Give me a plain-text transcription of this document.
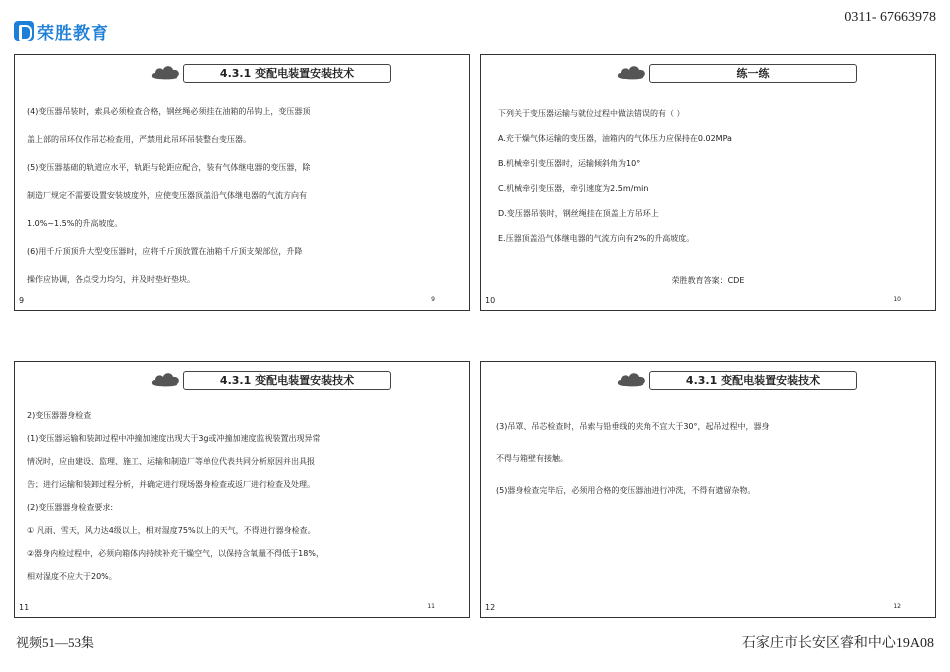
荣胜教育
0311- 67663978
4.3.1 变配电装置安装技术
(4)变压器吊装时，索具必须检查合格，钢丝绳必须挂在油箱的吊钩上，变压器顶
盖上部的吊环仅作吊芯检查用，严禁用此吊环吊装整台变压器。
(5)变压器基础的轨道应水平，轨距与轮距应配合，装有气体继电器的变压器，除
制造厂规定不需要设置安装坡度外，应使变压器顶盖沿气体继电器的气流方向有
1.0%~1.5%的升高坡度。
(6)用千斤顶顶升大型变压器时，应将千斤顶放置在油箱千斤顶支架部位，升降
操作应协调，各点受力均匀，并及时垫好垫块。
9	9
练一练
下列关于变压器运输与就位过程中做法错误的有（ ）
A.充干燥气体运输的变压器，油箱内的气体压力应保持在0.02MPa
B.机械牵引变压器时，运输倾斜角为10°
C.机械牵引变压器，牵引速度为2.5m/min
D.变压器吊装时，钢丝绳挂在顶盖上方吊环上
E.压器顶盖沿气体继电器的气流方向有2%的升高坡度。
荣胜教育答案：CDE
10	10
4.3.1 变配电装置安装技术
2)变压器器身检查
(1)变压器运输和装卸过程中冲撞加速度出现大于3g或冲撞加速度监视装置出现异常
情况时，应由建设、监理、施工、运输和制造厂等单位代表共同分析原因并出具报
告；进行运输和装卸过程分析，并确定进行现场器身检查或返厂进行检查及处理。
(2)变压器器身检查要求:
① 凡雨、雪天，风力达4级以上，相对湿度75%以上的天气，不得进行器身检查。
②器身内检过程中，必须向箱体内持续补充干燥空气，以保持含氧量不得低于18%，
相对湿度不应大于20%。
11	11
4.3.1 变配电装置安装技术
(3)吊罩、吊芯检查时，吊索与铅垂线的夹角不宜大于30°，起吊过程中，器身
不得与箱壁有接触。
(5)器身检查完毕后，必须用合格的变压器油进行冲洗，不得有遗留杂物。
12	12
视频51—53集	石家庄市长安区睿和中心19A08
